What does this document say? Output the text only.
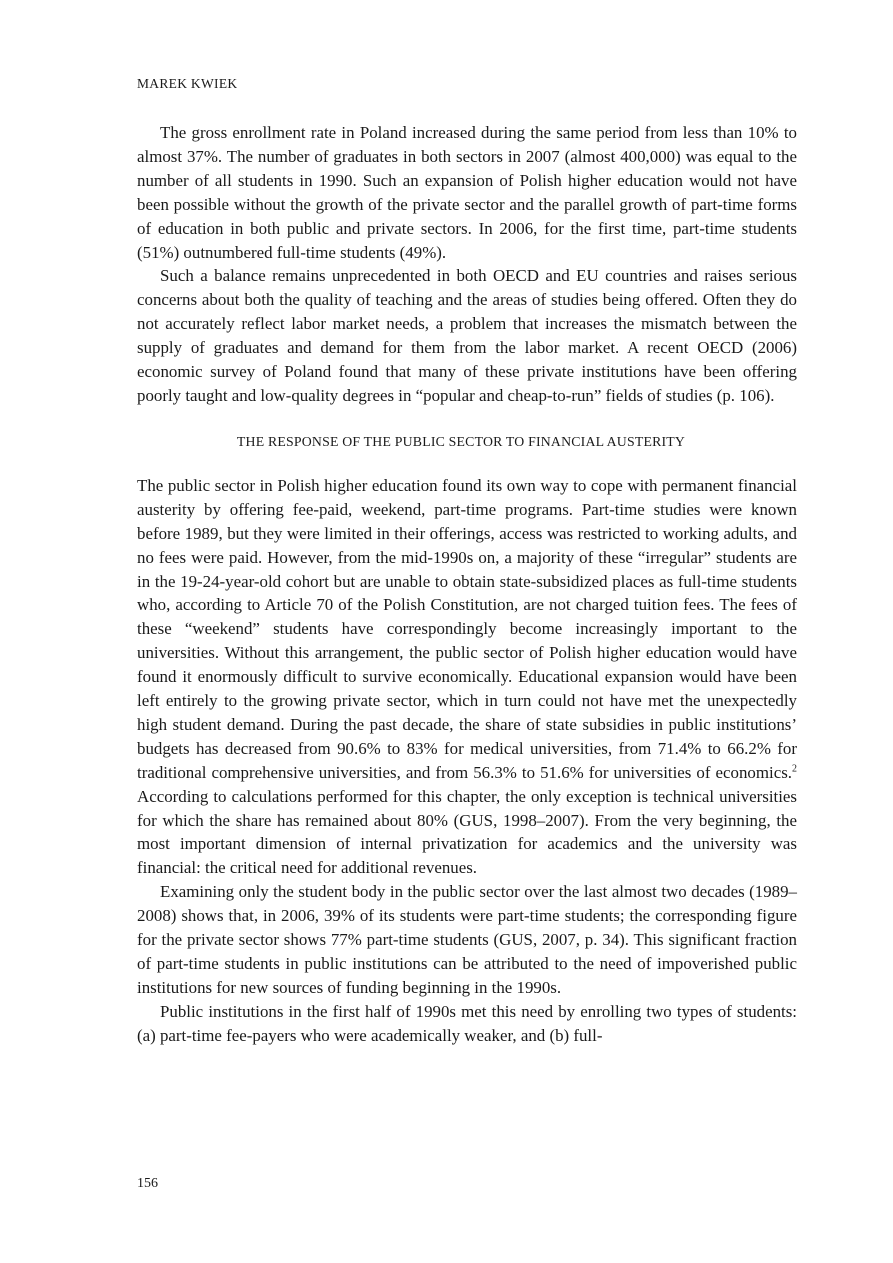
MAREK KWIEK

The gross enrollment rate in Poland increased during the same period from less than 10% to almost 37%. The number of graduates in both sectors in 2007 (almost 400,000) was equal to the number of all students in 1990. Such an expansion of Polish higher education would not have been possible without the growth of the private sector and the parallel growth of part-time forms of education in both public and private sectors. In 2006, for the first time, part-time students (51%) outnumbered full-time students (49%).

Such a balance remains unprecedented in both OECD and EU countries and raises serious concerns about both the quality of teaching and the areas of studies being offered. Often they do not accurately reflect labor market needs, a problem that increases the mismatch between the supply of graduates and demand for them from the labor market. A recent OECD (2006) economic survey of Poland found that many of these private institutions have been offering poorly taught and low-quality degrees in “popular and cheap-to-run” fields of studies (p. 106).

THE RESPONSE OF THE PUBLIC SECTOR TO FINANCIAL AUSTERITY

The public sector in Polish higher education found its own way to cope with permanent financial austerity by offering fee-paid, weekend, part-time programs. Part-time studies were known before 1989, but they were limited in their offerings, access was restricted to working adults, and no fees were paid. However, from the mid-1990s on, a majority of these “irregular” students are in the 19-24-year-old cohort but are unable to obtain state-subsidized places as full-time students who, according to Article 70 of the Polish Constitution, are not charged tuition fees. The fees of these “weekend” students have correspondingly become increasingly important to the universities. Without this arrangement, the public sector of Polish higher education would have found it enormously difficult to survive economically. Educational expansion would have been left entirely to the growing private sector, which in turn could not have met the unexpectedly high student demand. During the past decade, the share of state subsidies in public institutions’ budgets has decreased from 90.6% to 83% for medical universities, from 71.4% to 66.2% for traditional comprehensive universities, and from 56.3% to 51.6% for universities of economics.$^2$ According to calculations performed for this chapter, the only exception is technical universities for which the share has remained about 80% (GUS, 1998–2007). From the very beginning, the most important dimension of internal privatization for academics and the university was financial: the critical need for additional revenues.

Examining only the student body in the public sector over the last almost two decades (1989–2008) shows that, in 2006, 39% of its students were part-time students; the corresponding figure for the private sector shows 77% part-time students (GUS, 2007, p. 34). This significant fraction of part-time students in public institutions can be attributed to the need of impoverished public institutions for new sources of funding beginning in the 1990s.

Public institutions in the first half of 1990s met this need by enrolling two types of students: (a) part-time fee-payers who were academically weaker, and (b) full-

156
